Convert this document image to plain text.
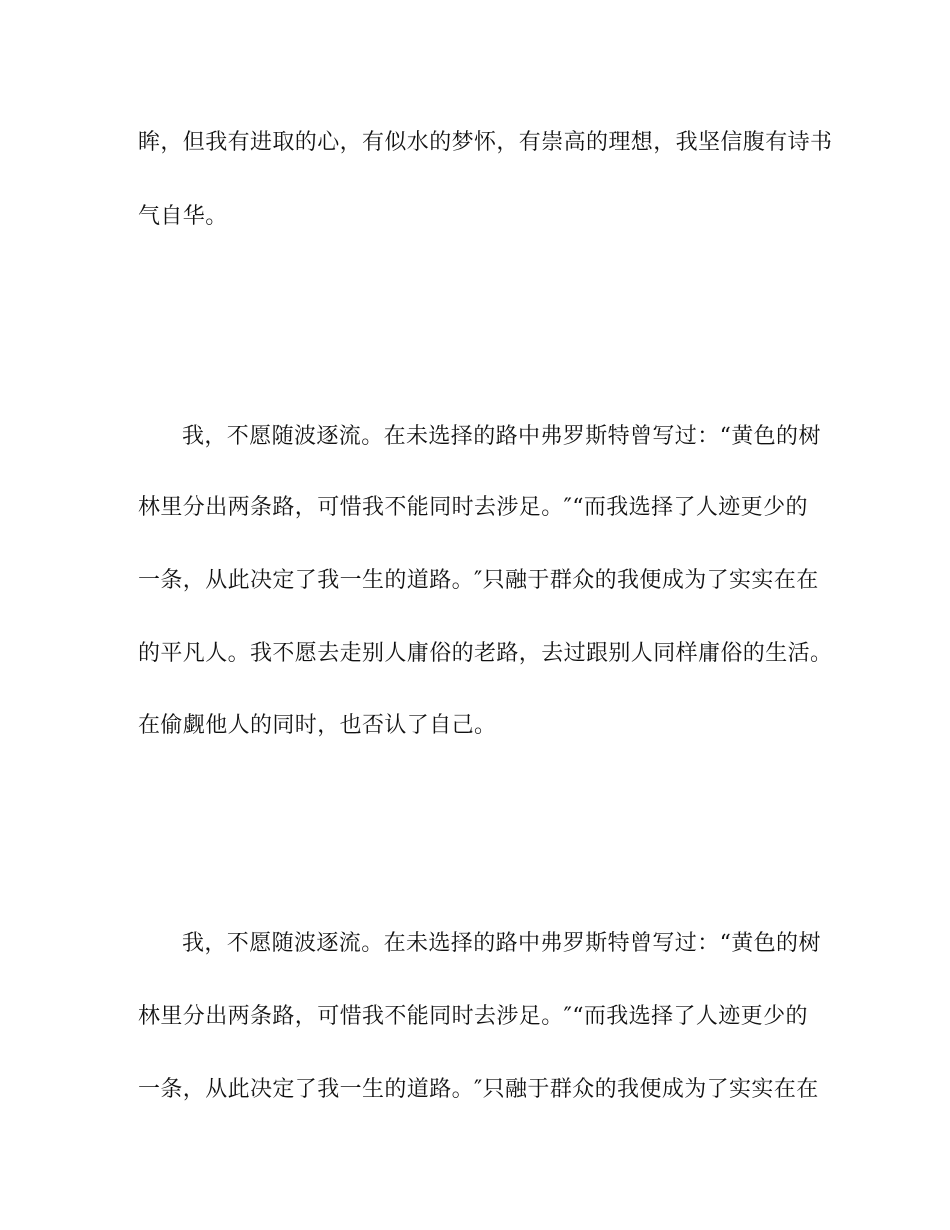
眸，但我有进取的心，有似水的梦怀，有崇高的理想，我坚信腹有诗书
气自华。
我，不愿随波逐流。在未选择的路中弗罗斯特曾写过：“黄色的树
林里分出两条路，可惜我不能同时去涉足。″“而我选择了人迹更少的
一条，从此决定了我一生的道路。″只融于群众的我便成为了实实在在
的平凡人。我不愿去走别人庸俗的老路，去过跟别人同样庸俗的生活。
在偷觑他人的同时，也否认了自己。
我，不愿随波逐流。在未选择的路中弗罗斯特曾写过：“黄色的树
林里分出两条路，可惜我不能同时去涉足。″“而我选择了人迹更少的
一条，从此决定了我一生的道路。″只融于群众的我便成为了实实在在
